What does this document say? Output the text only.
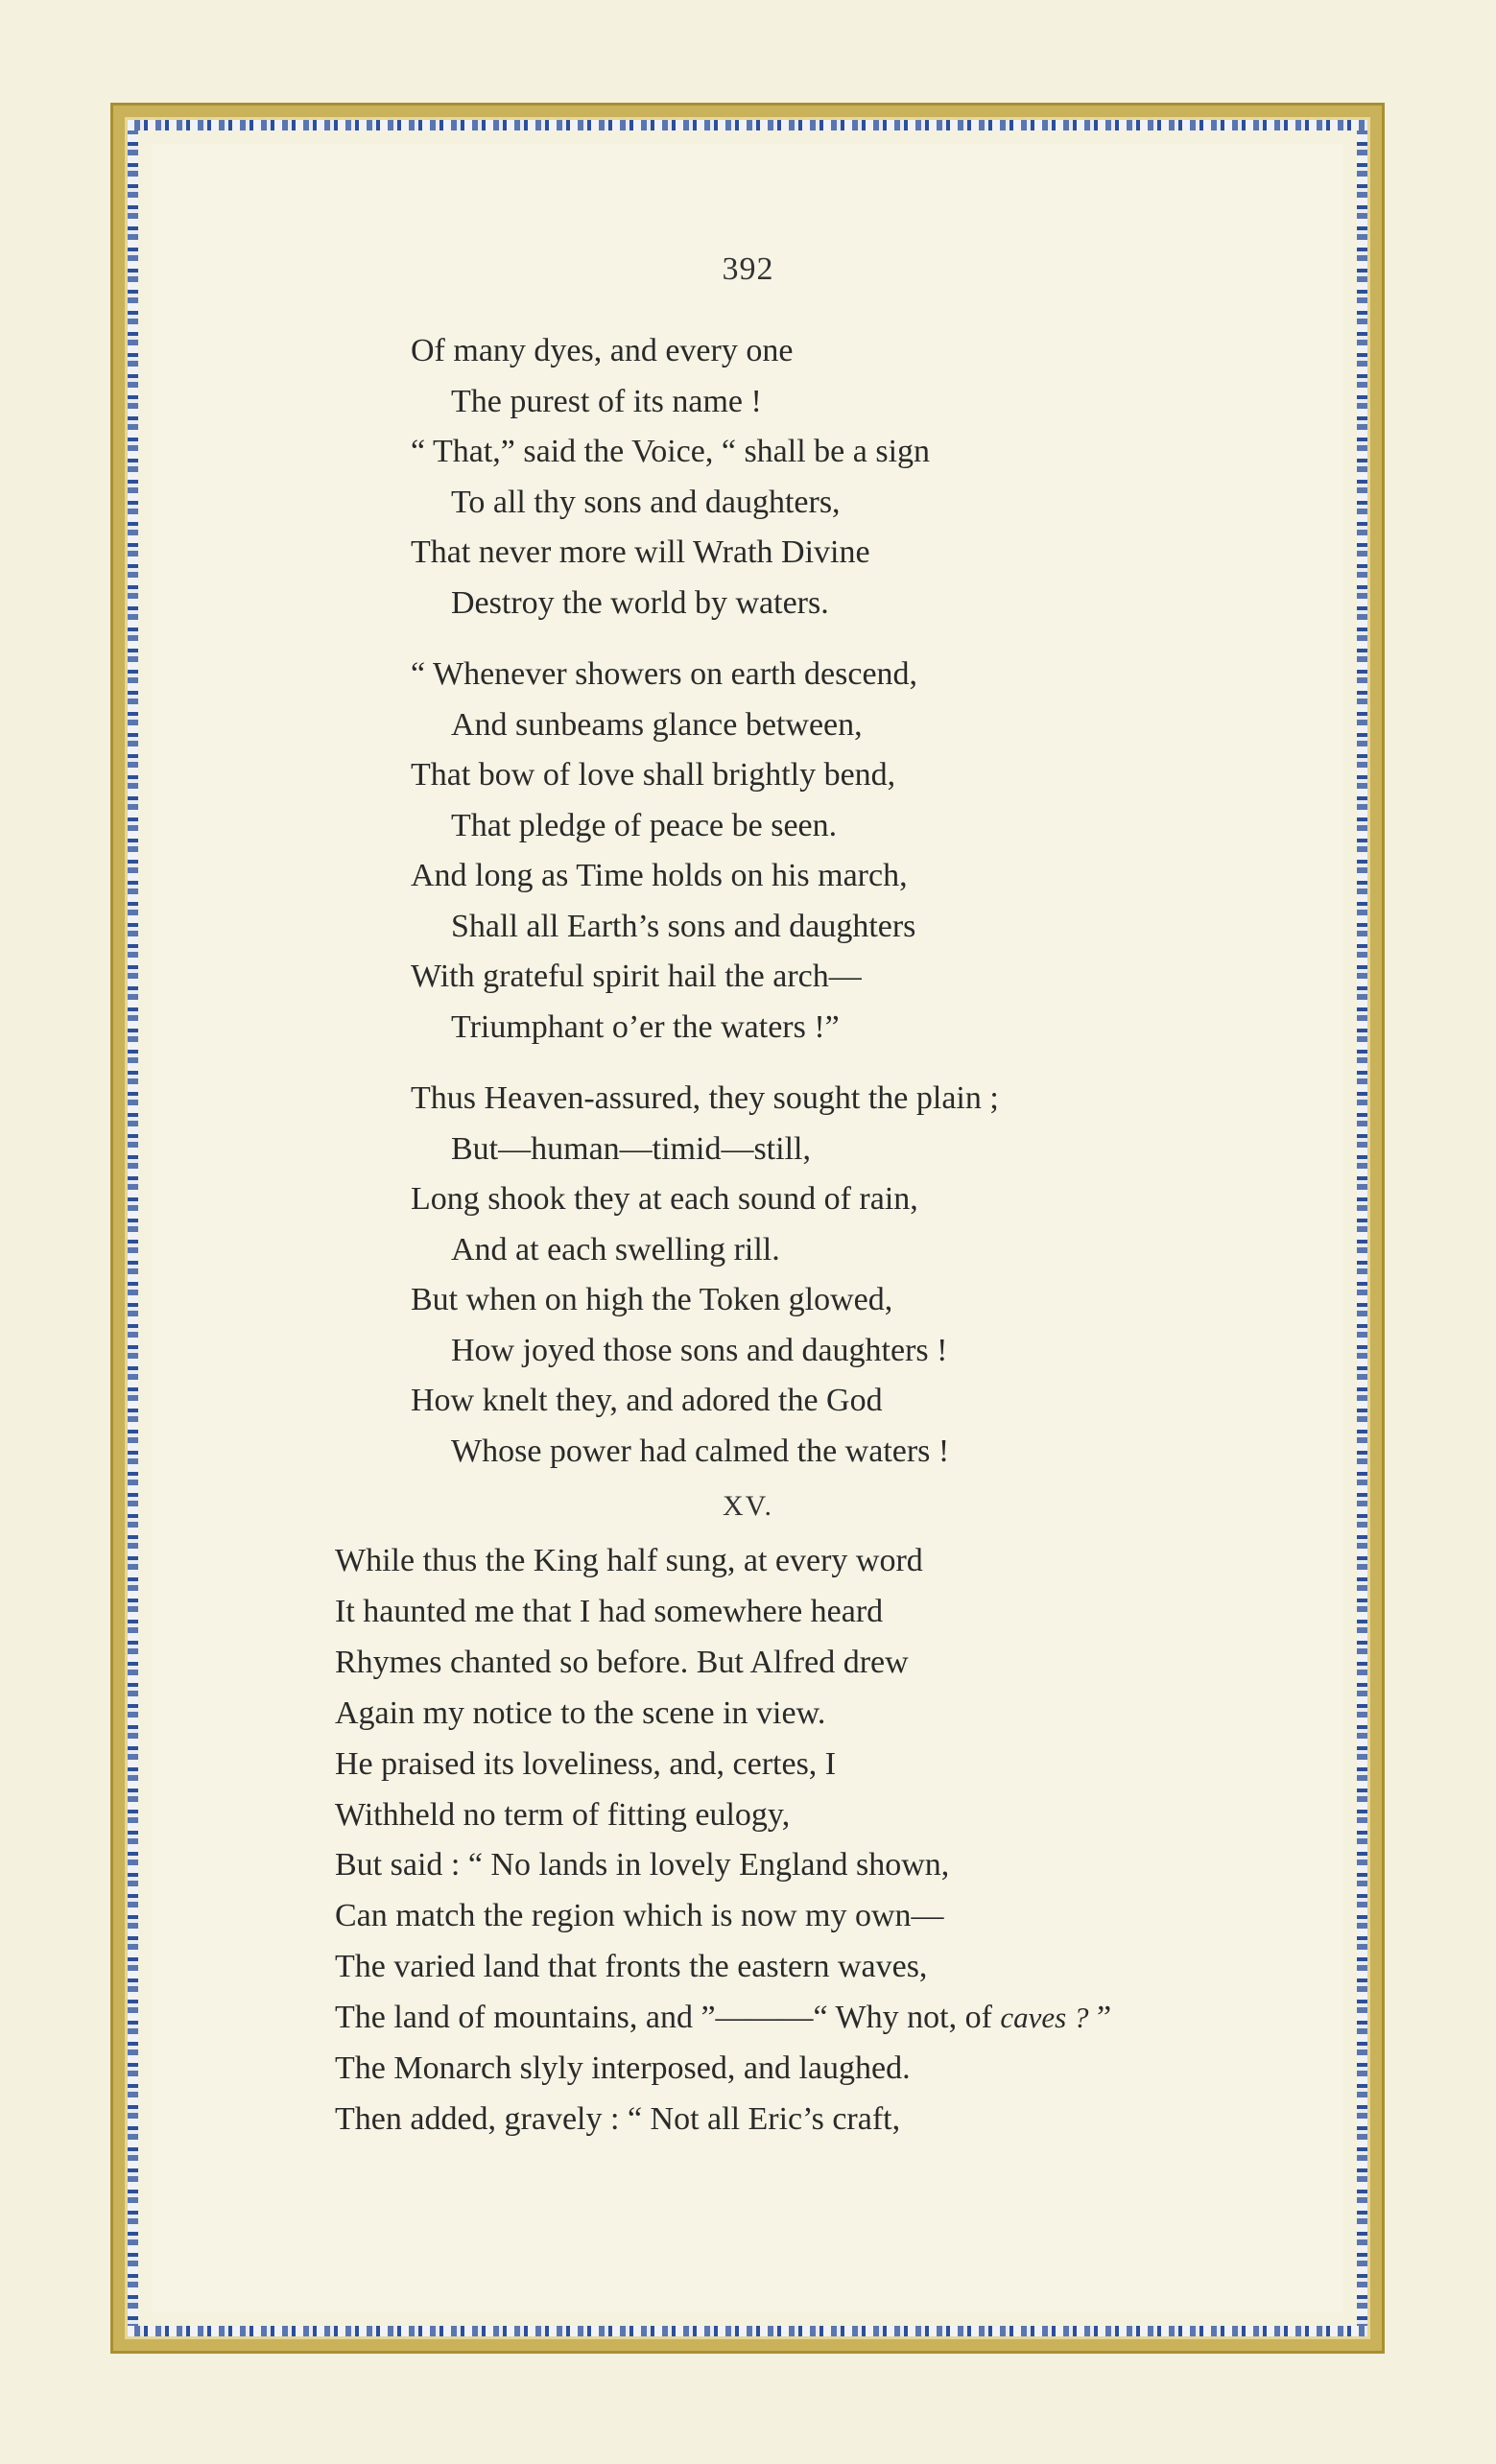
392
Of many dyes, and every one
The purest of its name !
“ That,” said the Voice, “ shall be a sign
To all thy sons and daughters,
That never more will Wrath Divine
Destroy the world by waters.
“ Whenever showers on earth descend,
And sunbeams glance between,
That bow of love shall brightly bend,
That pledge of peace be seen.
And long as Time holds on his march,
Shall all Earth’s sons and daughters
With grateful spirit hail the arch—
Triumphant o’er the waters !”
Thus Heaven-assured, they sought the plain ;
But—human—timid—still,
Long shook they at each sound of rain,
And at each swelling rill.
But when on high the Token glowed,
How joyed those sons and daughters !
How knelt they, and adored the God
Whose power had calmed the waters !
XV.
While thus the King half sung, at every word
It haunted me that I had somewhere heard
Rhymes chanted so before. But Alfred drew
Again my notice to the scene in view.
He praised its loveliness, and, certes, I
Withheld no term of fitting eulogy,
But said : “ No lands in lovely England shown,
Can match the region which is now my own—
The varied land that fronts the eastern waves,
The land of mountains, and ”———“ Why not, of caves ? ”
The Monarch slyly interposed, and laughed.
Then added, gravely : “ Not all Eric’s craft,
